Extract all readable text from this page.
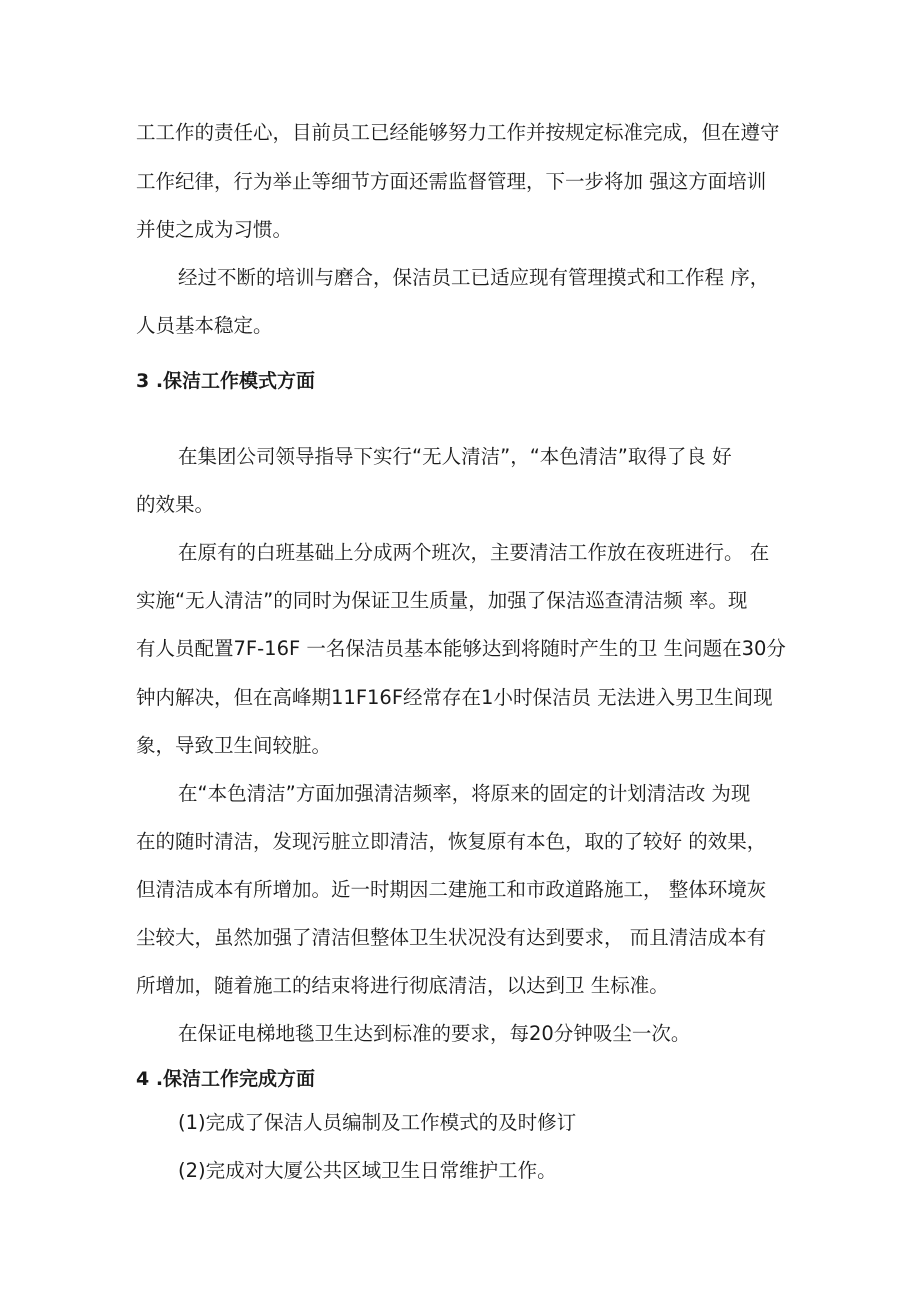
工工作的责任心，目前员工已经能够努力工作并按规定标准完成，但在遵守
工作纪律，行为举止等细节方面还需监督管理，下一步将加 强这方面培训
并使之成为习惯。
经过不断的培训与磨合，保洁员工已适应现有管理摸式和工作程 序，
人员基本稳定。
3 .保洁工作模式方面
在集团公司领导指导下实行“无人清洁”，“本色清洁”取得了良 好
的效果。
在原有的白班基础上分成两个班次，主要清洁工作放在夜班进行。 在
实施“无人清洁”的同时为保证卫生质量，加强了保洁巡查清洁频 率。现
有人员配置7F-16F 一名保洁员基本能够达到将随时产生的卫 生问题在30分
钟内解决，但在高峰期11F16F经常存在1小时保洁员 无法进入男卫生间现
象，导致卫生间较脏。
在“本色清洁”方面加强清洁频率，将原来的固定的计划清洁改 为现
在的随时清洁，发现污脏立即清洁，恢复原有本色，取的了较好 的效果，
但清洁成本有所增加。近一时期因二建施工和市政道路施工， 整体环境灰
尘较大，虽然加强了清洁但整体卫生状况没有达到要求， 而且清洁成本有
所增加，随着施工的结束将进行彻底清洁，以达到卫 生标准。
在保证电梯地毯卫生达到标准的要求，每20分钟吸尘一次。
4 .保洁工作完成方面
(1)完成了保洁人员编制及工作模式的及时修订
(2)完成对大厦公共区域卫生日常维护工作。
